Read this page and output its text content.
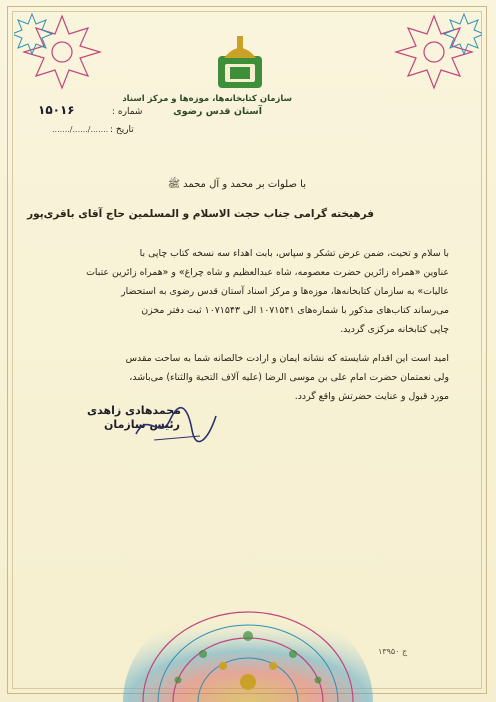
سازمان کتابخانه‌ها، موزه‌ها و مرکز اسناد
آستان قدس رضوی
شماره :
۱۵۰۱۶
تاریخ :
......./....../.......
با صلوات بر محمد و آل محمد ﷺ
فرهیخته گرامی جناب حجت الاسلام و المسلمین حاج آقای باقری‌پور
با سلام و تحیت، ضمن عرض تشکر و سپاس، بابت اهداء سه نسخه کتاب چاپی با
عناوین «همراه زائرین حضرت معصومه، شاه عبدالعظیم و شاه چراغ» و «همراه زائرین عتبات
عالیات» به سازمان کتابخانه‌ها، موزه‌ها و مرکز اسناد آستان قدس رضوی به استحضار
می‌رساند کتاب‌های مذکور با شماره‌های ۱۰۷۱۵۴۱ الی ۱۰۷۱۵۴۳ ثبت دفتر مخزن
چاپی کتابخانه مرکزی گردید.
امید است این اقدام شایسته که نشانه ایمان و ارادت خالصانه شما به ساحت مقدس
ولی نعمتمان حضرت امام علی بن موسی الرضا (علیه آلاف التحیة والثناء) می‌باشد،
مورد قبول و عنایت حضرتش واقع گردد.
محمدهادی زاهدی
رئیس سازمان
ج ۱۳۹۵۰
